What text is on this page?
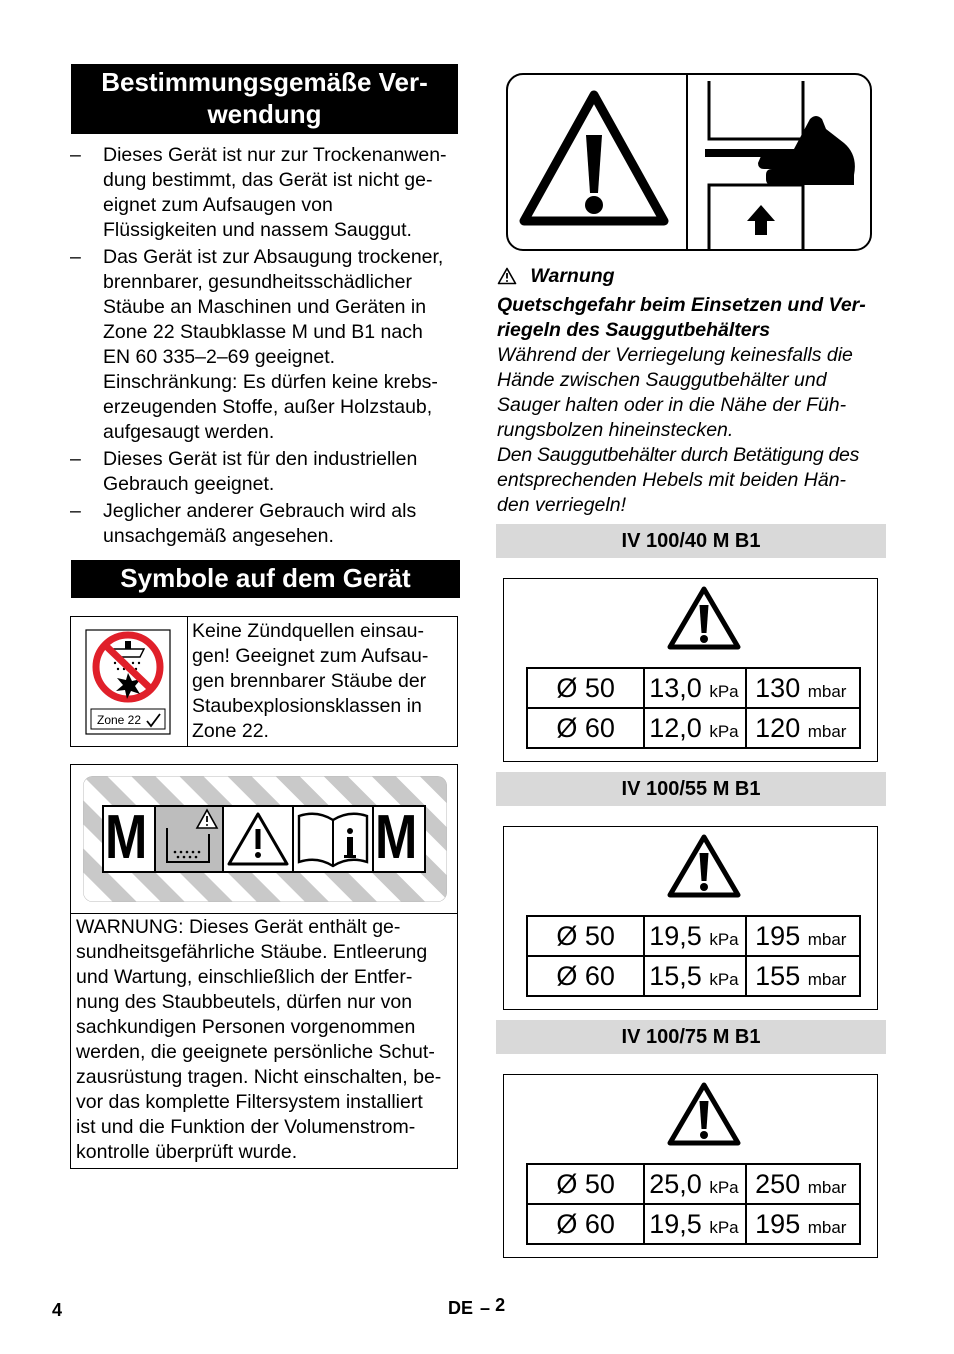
Bestimmungsgemäße Ver-
wendung
– Dieses Gerät ist nur zur Trockenanwen-

dung bestimmt, das Gerät ist nicht ge-

eignet zum Aufsaugen von

Flüssigkeiten und nassem Sauggut.

– Das Gerät ist zur Absaugung trockener,

brennbarer, gesundheitsschädlicher

Stäube an Maschinen und Geräten in

Zone 22 Staubklasse M und B1 nach

EN 60 335–2–69 geeignet.

Einschränkung: Es dürfen keine krebs-

erzeugenden Stoffe, außer Holzstaub,

aufgesaugt werden.

– Dieses Gerät ist für den industriellen

Gebrauch geeignet.

– Jeglicher anderer Gebrauch wird als

unsachgemäß angesehen.

Symbole auf dem Gerät
Zone 22
Keine Zündquellen einsau-
gen! Geeignet zum Aufsau-
gen brennbarer Stäube der
Staubexplosionsklassen in
Zone 22.
M	M
WARNUNG: Dieses Gerät enthält ge-
sundheitsgefährliche Stäube. Entleerung
und Wartung, einschließlich der Entfer-
nung des Staubbeutels, dürfen nur von
sachkundigen Personen vorgenommen
werden, die geeignete persönliche Schut-
zausrüstung tragen. Nicht einschalten, be-
vor das komplette Filtersystem installiert
ist und die Funktion der Volumenstrom-
kontrolle überprüft wurde.
Warnung
Quetschgefahr beim Einsetzen und Ver-
riegeln des Sauggutbehälters
Während der Verriegelung keinesfalls die
Hände zwischen Sauggutbehälter und
Sauger halten oder in die Nähe der Füh-
rungsbolzen hineinstecken.
Den Sauggutbehälter durch Betätigung des
entsprechenden Hebels mit beiden Hän-
den verriegeln!
IV 100/40 M B1
Ø 50	13,0 kPa	130 mbar
Ø 60	12,0 kPa	120 mbar
IV 100/55 M B1
Ø 50	19,5 kPa	195 mbar
Ø 60	15,5 kPa	155 mbar
IV 100/75 M B1
Ø 50	25,0 kPa	250 mbar
Ø 60	19,5 kPa	195 mbar
4	DE – 2
